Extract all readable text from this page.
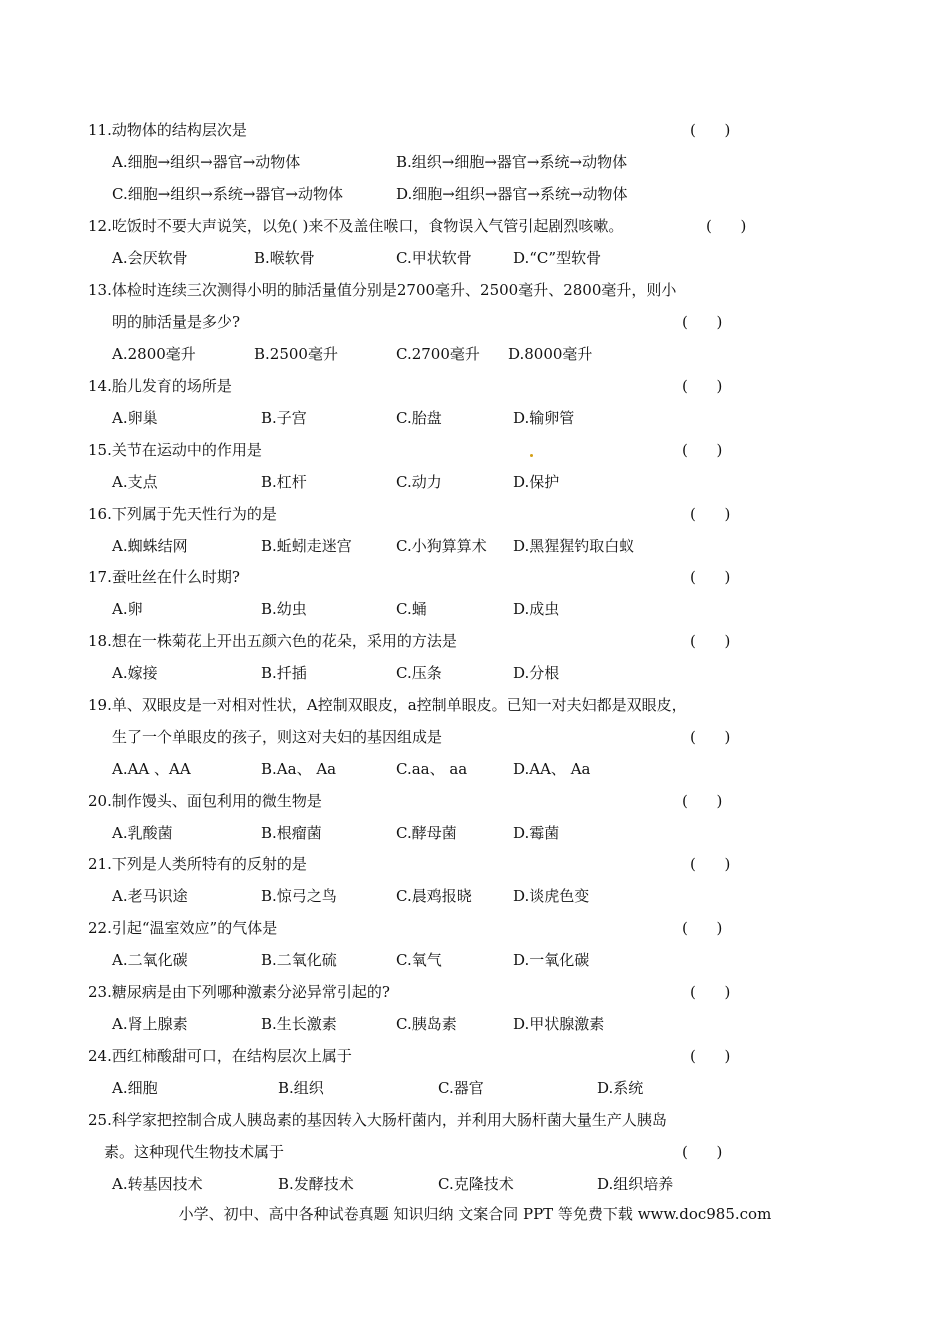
11.动物体的结构层次是	(      )
A.细胞→组织→器官→动物体	B.组织→细胞→器官→系统→动物体
C.细胞→组织→系统→器官→动物体	D.细胞→组织→器官→系统→动物体
12.吃饭时不要大声说笑，以免( )来不及盖住喉口，食物误入气管引起剧烈咳嗽。	(      )
A.会厌软骨	B.喉软骨	C.甲状软骨	D.“C”型软骨
13.体检时连续三次测得小明的肺活量值分别是2700毫升、2500毫升、2800毫升，则小
明的肺活量是多少?	(      )
A.2800毫升	B.2500毫升	C.2700毫升 D.8000毫升
14.胎儿发育的场所是	(      )
A.卵巢	B.子宫	C.胎盘	D.输卵管
15.关节在运动中的作用是	(      )
A.支点	B.杠杆	C.动力	D.保护
16.下列属于先天性行为的是	(      )
A.蜘蛛结网	B.蚯蚓走迷宫	C.小狗算算术 D.黑猩猩钓取白蚁
17.蚕吐丝在什么时期?	(      )
A.卵	B.幼虫	C.蛹	D.成虫
18.想在一株菊花上开出五颜六色的花朵，采用的方法是	(      )
A.嫁接	B.扦插	C.压条	D.分根
19.单、双眼皮是一对相对性状，A控制双眼皮，a控制单眼皮。已知一对夫妇都是双眼皮，
生了一个单眼皮的孩子，则这对夫妇的基因组成是	(      )
A.AA 、AA	B.Aa、 Aa	C.aa、 aa	D.AA、 Aa
20.制作馒头、面包利用的微生物是	(      )
A.乳酸菌	B.根瘤菌	C.酵母菌	D.霉菌
21.下列是人类所特有的反射的是	(      )
A.老马识途	B.惊弓之鸟	C.晨鸡报晓	D.谈虎色变
22.引起“温室效应”的气体是	(      )
A.二氧化碳	B.二氧化硫	C.氧气	D.一氧化碳
23.糖尿病是由下列哪种激素分泌异常引起的?	(      )
A.肾上腺素	B.生长激素	C.胰岛素	D.甲状腺激素
24.西红柿酸甜可口，在结构层次上属于	(      )
A.细胞	B.组织	C.器官	D.系统
25.科学家把控制合成人胰岛素的基因转入大肠杆菌内，并利用大肠杆菌大量生产人胰岛
素。这种现代生物技术属于	(      )
A.转基因技术	B.发酵技术	C.克隆技术	D.组织培养
小学、初中、高中各种试卷真题 知识归纳 文案合同 PPT 等免费下载 www.doc985.com
